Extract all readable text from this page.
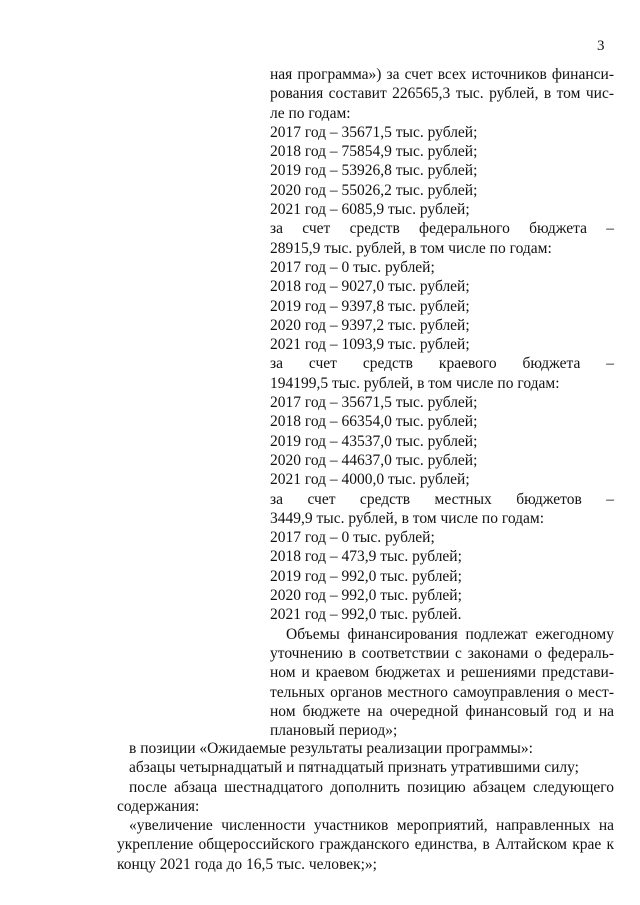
3
ная программа») за счет всех источников финанси-
рования составит 226565,3 тыс. рублей, в том чис-
ле по годам:
2017 год – 35671,5 тыс. рублей;
2018 год – 75854,9 тыс. рублей;
2019 год – 53926,8 тыс. рублей;
2020 год – 55026,2 тыс. рублей;
2021 год – 6085,9 тыс. рублей;
за счет средств федерального бюджета –
28915,9 тыс. рублей, в том числе по годам:
2017 год – 0 тыс. рублей;
2018 год – 9027,0 тыс. рублей;
2019 год – 9397,8 тыс. рублей;
2020 год – 9397,2 тыс. рублей;
2021 год – 1093,9 тыс. рублей;
за счет средств краевого бюджета –
194199,5 тыс. рублей, в том числе по годам:
2017 год – 35671,5 тыс. рублей;
2018 год – 66354,0 тыс. рублей;
2019 год – 43537,0 тыс. рублей;
2020 год – 44637,0 тыс. рублей;
2021 год – 4000,0 тыс. рублей;
за счет средств местных бюджетов –
3449,9 тыс. рублей, в том числе по годам:
2017 год – 0 тыс. рублей;
2018 год – 473,9 тыс. рублей;
2019 год – 992,0 тыс. рублей;
2020 год – 992,0 тыс. рублей;
2021 год – 992,0 тыс. рублей.
Объемы финансирования подлежат ежегодному уточнению в соответствии с законами о федераль-ном и краевом бюджетах и решениями представи-тельных органов местного самоуправления о мест-ном бюджете на очередной финансовый год и на плановый период»;
в позиции «Ожидаемые результаты реализации программы»:
абзацы четырнадцатый и пятнадцатый признать утратившими силу;
после абзаца шестнадцатого дополнить позицию абзацем следующего содержания:
«увеличение численности участников мероприятий, направленных на укрепление общероссийского гражданского единства, в Алтайском крае к концу 2021 года до 16,5 тыс. человек;»;
